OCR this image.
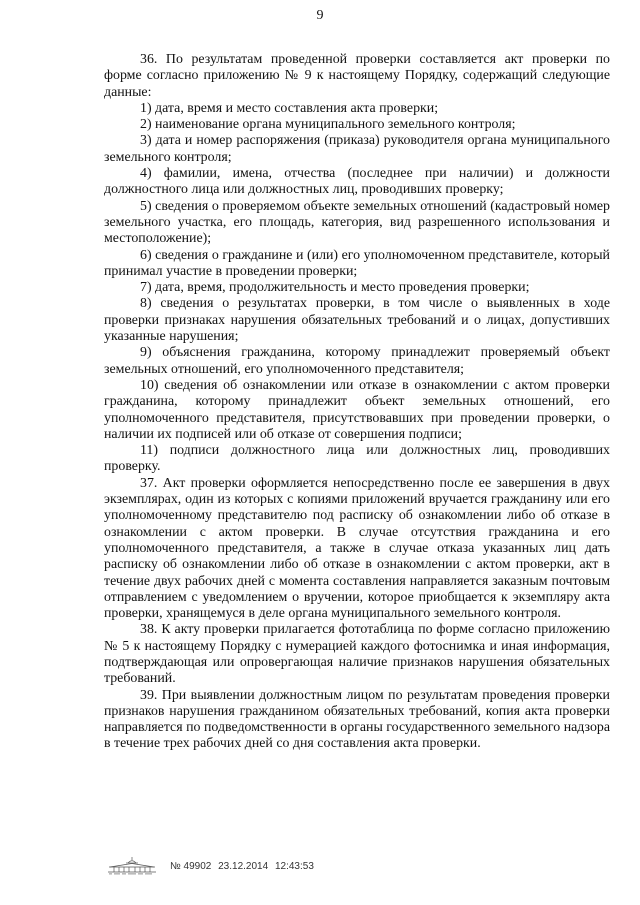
9

36. По результатам проведенной проверки составляется акт проверки по форме согласно приложению № 9 к настоящему Порядку, содержащий следующие данные:

1) дата, время и место составления акта проверки;

2) наименование органа муниципального земельного контроля;

3) дата и номер распоряжения (приказа) руководителя органа муниципального земельного контроля;

4) фамилии, имена, отчества (последнее при наличии) и должности должностного лица или должностных лиц, проводивших проверку;

5) сведения о проверяемом объекте земельных отношений (кадастровый номер земельного участка, его площадь, категория, вид разрешенного использования и местоположение);

6) сведения о гражданине и (или) его уполномоченном представителе, который принимал участие в проведении проверки;

7) дата, время, продолжительность и место проведения проверки;

8) сведения о результатах проверки, в том числе о выявленных в ходе проверки признаках нарушения обязательных требований и о лицах, допустивших указанные нарушения;

9) объяснения гражданина, которому принадлежит проверяемый объект земельных отношений, его уполномоченного представителя;

10) сведения об ознакомлении или отказе в ознакомлении с актом проверки гражданина, которому принадлежит объект земельных отношений, его уполномоченного представителя, присутствовавших при проведении проверки, о наличии их подписей или об отказе от совершения подписи;

11) подписи должностного лица или должностных лиц, проводивших проверку.

37. Акт проверки оформляется непосредственно после ее завершения в двух экземплярах, один из которых с копиями приложений вручается гражданину или его уполномоченному представителю под расписку об ознакомлении либо об отказе в ознакомлении с актом проверки. В случае отсутствия гражданина и его уполномоченного представителя, а также в случае отказа указанных лиц дать расписку об ознакомлении либо об отказе в ознакомлении с актом проверки, акт в течение двух рабочих дней с момента составления направляется заказным почтовым отправлением с уведомлением о вручении, которое приобщается к экземпляру акта проверки, хранящемуся в деле органа муниципального земельного контроля.

38. К акту проверки прилагается фототаблица по форме согласно приложению № 5 к настоящему Порядку с нумерацией каждого фотоснимка и иная информация, подтверждающая или опровергающая наличие признаков нарушения обязательных требований.

39. При выявлении должностным лицом по результатам проведения проверки признаков нарушения гражданином обязательных требований, копия акта проверки направляется по подведомственности в органы государственного земельного надзора в течение трех рабочих дней со дня составления акта проверки.

№ 49902 23.12.2014 12:43:53
